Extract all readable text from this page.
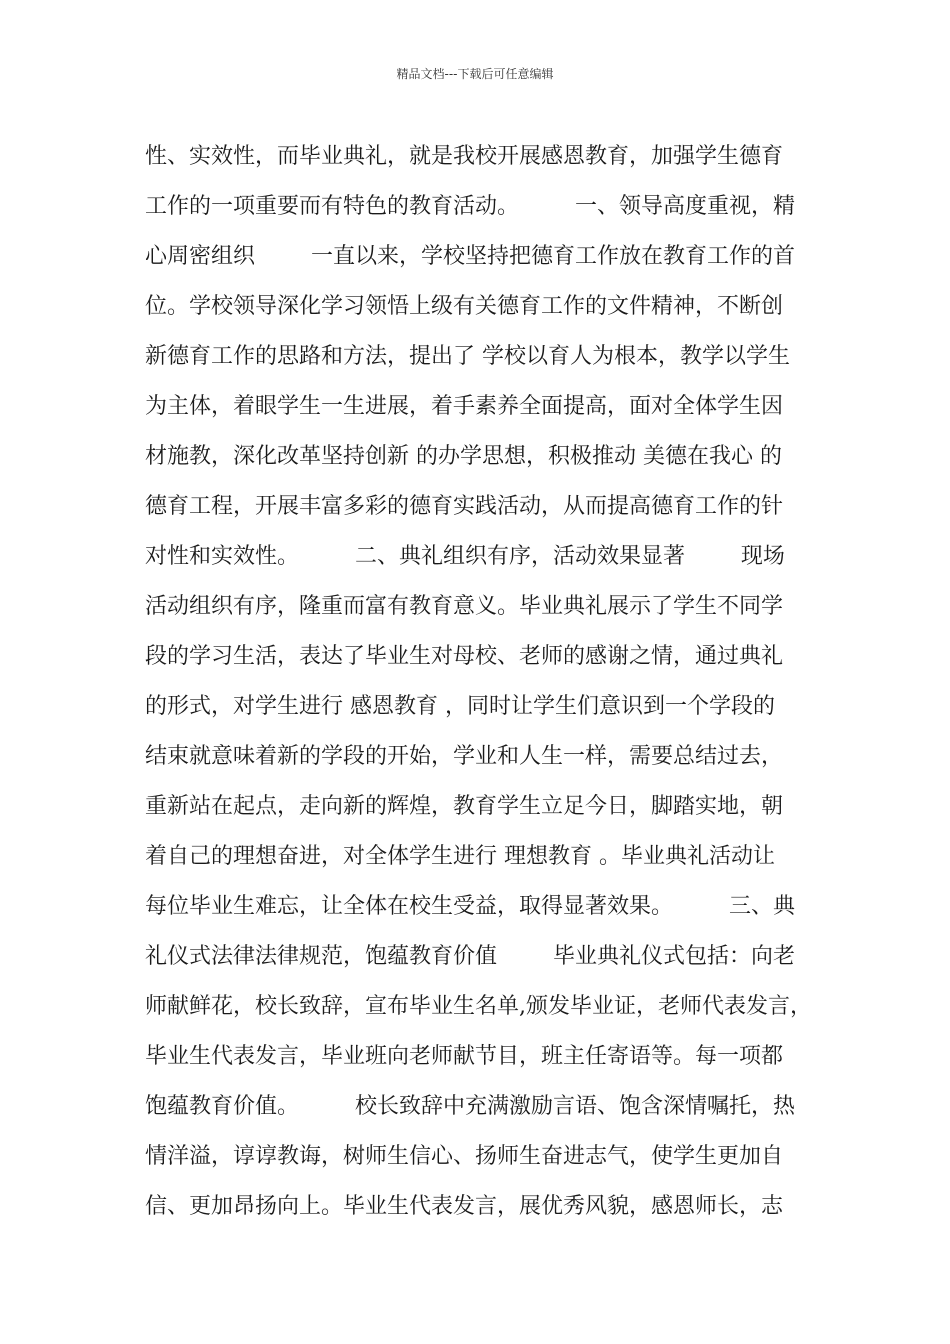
精品文档---下载后可任意编辑
性、实效性，而毕业典礼，就是我校开展感恩教育，加强学生德育
工作的一项重要而有特色的教育活动。        一、领导高度重视，精
心周密组织        一直以来，学校坚持把德育工作放在教育工作的首
位。学校领导深化学习领悟上级有关德育工作的文件精神，不断创
新德育工作的思路和方法，提出了 学校以育人为根本，教学以学生
为主体，着眼学生一生进展，着手素养全面提高，面对全体学生因
材施教，深化改革坚持创新 的办学思想，积极推动 美德在我心 的
德育工程，开展丰富多彩的德育实践活动，从而提高德育工作的针
对性和实效性。        二、典礼组织有序，活动效果显著        现场
活动组织有序，隆重而富有教育意义。毕业典礼展示了学生不同学
段的学习生活，表达了毕业生对母校、老师的感谢之情，通过典礼
的形式，对学生进行 感恩教育 ，同时让学生们意识到一个学段的
结束就意味着新的学段的开始，学业和人生一样，需要总结过去，
重新站在起点，走向新的辉煌，教育学生立足今日，脚踏实地，朝
着自己的理想奋进，对全体学生进行 理想教育 。毕业典礼活动让
每位毕业生难忘，让全体在校生受益，取得显著效果。        三、典
礼仪式法律法律规范，饱蕴教育价值        毕业典礼仪式包括：向老
师献鲜花，校长致辞，宣布毕业生名单,颁发毕业证，老师代表发言，
毕业生代表发言，毕业班向老师献节目，班主任寄语等。每一项都
饱蕴教育价值。        校长致辞中充满激励言语、饱含深情嘱托，热
情洋溢，谆谆教诲，树师生信心、扬师生奋进志气，使学生更加自
信、更加昂扬向上。毕业生代表发言，展优秀风貌，感恩师长，志
